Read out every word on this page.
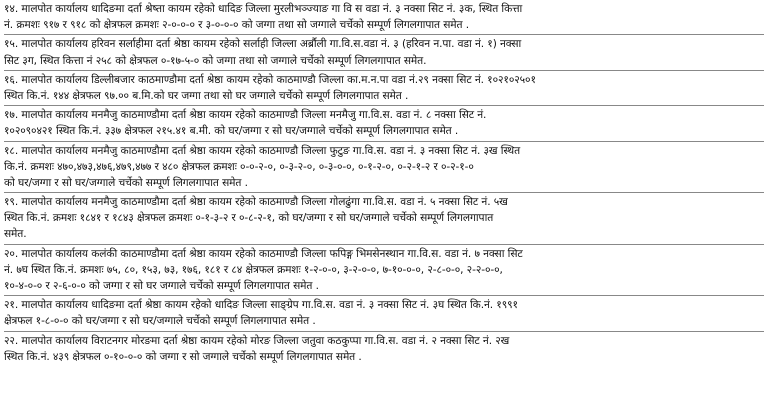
१४. मालपोत कार्यालय धादिङमा दर्ता श्रेष्ता कायम रहेको धादिङ जिल्ला मुरलीभञ्ज्याङ गा वि स वडा नं. ३ नक्सा सिट नं. ३क, स्थित कित्ता
नं. क्रमशः ९१७ र ९१८ को क्षेत्रफल क्रमशः २-०-०-० र ३-०-०-० को जग्गा तथा सो जग्गाले चर्चेको सम्पूर्ण लिगलगापात समेत .
१५. मालपोत कार्यालय हरिवन सर्लाहीमा दर्ता श्रेष्ठा कायम रहेको सर्लाही जिल्ला अर्ब्रौली गा.वि.स.वडा नं. ३ (हरिवन न.पा. वडा नं. १) नक्सा
सिट ३ग, स्थित कित्ता नं २५८ को क्षेत्रफल ०-१७-५-० को जग्गा तथा सो जग्गाले चर्चेको सम्पूर्ण लिगलगापात समेत.
१६. मालपोत कार्यालय डिल्लीबजार काठमाण्डौमा दर्ता श्रेष्ठा कायम रहेको काठमाण्डौ जिल्ला का.म.न.पा वडा नं.२९ नक्सा सिट नं. १०२१०२५०१
स्थित कि.नं. १४४ क्षेत्रफल ९७.०० ब.मि.को घर जग्गा तथा सो घर जग्गाले चर्चेको सम्पूर्ण लिगलगापात समेत .
१७. मालपोत कार्यालय मनमैजु काठमाण्डौमा दर्ता श्रेष्ठा कायम रहेको काठमाण्डौ जिल्ला मनमैजु गा.वि.स. वडा नं. ८ नक्सा सिट नं.
१०२०९०४२१ स्थित कि.नं. ३३७ क्षेत्रफल २१५.४१ ब.मी. को घर/जग्गा र सो घर/जग्गाले चर्चेको सम्पूर्ण लिगलगापात समेत .
१८. मालपोत कार्यालय मनमैजु काठमाण्डौमा दर्ता श्रेष्ठा कायम रहेको काठमाण्डौ जिल्ला फुटुङ गा.वि.स. वडा नं. ३ नक्सा सिट नं. ३ख स्थित
कि.नं. क्रमशः ४७०,४७३,४७६,४७९,४७७ र ४८० क्षेत्रफल क्रमशः ०-०-२-०, ०-३-२-०, ०-३-०-०, ०-१-२-०, ०-२-१-२ र ०-२-१-०
को घर/जग्गा र सो घर/जग्गाले चर्चेको सम्पूर्ण लिगलगापात समेत .
१९. मालपोत कार्यालय मनमैजु काठमाण्डौमा दर्ता श्रेष्ठा कायम रहेको काठमाण्डौ जिल्ला गोलढुंगा गा.वि.स. वडा नं. ५ नक्सा सिट नं. ५ख
स्थित कि.नं. क्रमशः १८४१ र १८४३ क्षेत्रफल क्रमशः ०-१-३-२ र ०-८-२-१, को घर/जग्गा र सो घर/जग्गाले चर्चेको सम्पूर्ण लिगलगापात
समेत.
२०. मालपोत कार्यालय कलंकी काठमाण्डौमा दर्ता श्रेष्ठा कायम रहेको काठमाण्डौ जिल्ला फपिङ्ग भिमसेनस्थान गा.वि.स. वडा नं. ७ नक्सा सिट
नं. ७घ स्थित कि.नं. क्रमशः ७५, ८०, १५३, ७३, १७६, १८१ र ८४ क्षेत्रफल क्रमशः १-२-०-०, ३-२-०-०, ७-१०-०-०, २-८-०-०, २-२-०-०,
१०-४-०-० र २-६-०-० को जग्गा र सो घर जग्गाले चर्चेको सम्पूर्ण लिगलगापात समेत .
२१. मालपोत कार्यालय धादिङमा दर्ता श्रेष्ठा कायम रहेको धादिङ जिल्ला साङ्ग्रेप गा.वि.स. वडा नं. ३ नक्सा सिट नं. ३घ स्थित कि.नं. १९९१
क्षेत्रफल १-८-०-० को घर/जग्गा र सो घर/जग्गाले चर्चेको सम्पूर्ण लिगलगापात समेत .
२२. मालपोत कार्यालय विराटनगर मोरङमा दर्ता श्रेष्ठा कायम रहेको मोरङ जिल्ला जतुवा कठकुप्पा गा.वि.स. वडा नं. २ नक्सा सिट नं. २ख
स्थित कि.नं. ४३९ क्षेत्रफल ०-१०-०-० को जग्गा र सो जग्गाले चर्चेको सम्पूर्ण लिगलगापात समेत .
